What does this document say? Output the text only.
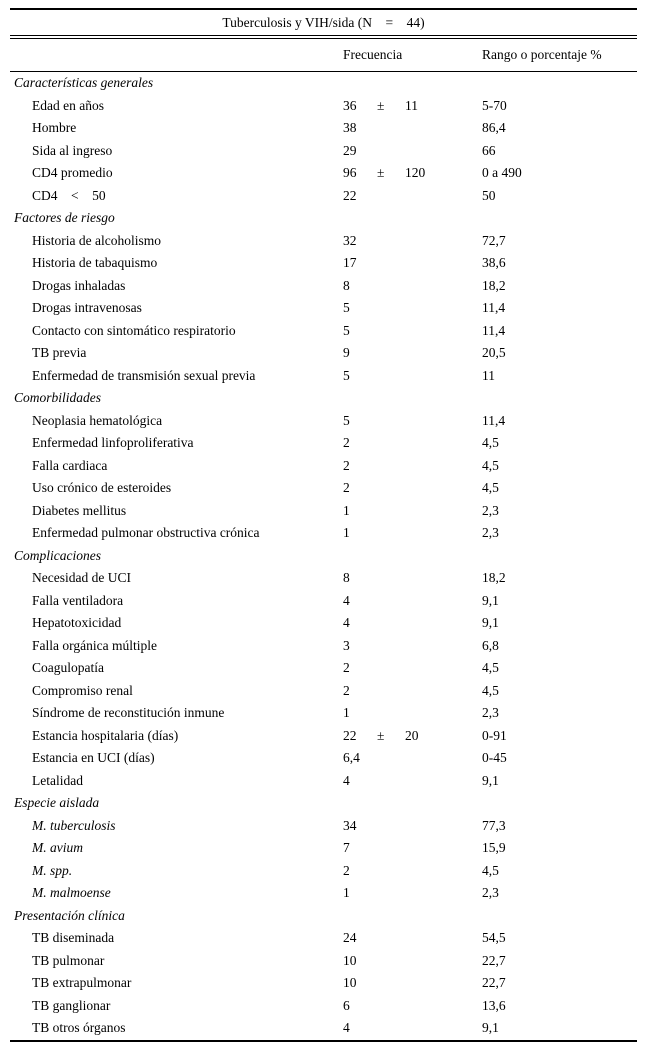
Tuberculosis y VIH/sida (N    =    44)
Frecuencia	Rango o porcentaje %
Características generales
Edad en años	36	±	11	5-70
Hombre	38	86,4
Sida al ingreso	29	66
CD4 promedio	96	±	120	0 a 490
CD4    <    50	22	50
Factores de riesgo
Historia de alcoholismo	32	72,7
Historia de tabaquismo	17	38,6
Drogas inhaladas	8	18,2
Drogas intravenosas	5	11,4
Contacto con sintomático respiratorio	5	11,4
TB previa	9	20,5
Enfermedad de transmisión sexual previa	5	11
Comorbilidades
Neoplasia hematológica	5	11,4
Enfermedad linfoproliferativa	2	4,5
Falla cardiaca	2	4,5
Uso crónico de esteroides	2	4,5
Diabetes mellitus	1	2,3
Enfermedad pulmonar obstructiva crónica	1	2,3
Complicaciones
Necesidad de UCI	8	18,2
Falla ventiladora	4	9,1
Hepatotoxicidad	4	9,1
Falla orgánica múltiple	3	6,8
Coagulopatía	2	4,5
Compromiso renal	2	4,5
Síndrome de reconstitución inmune	1	2,3
Estancia hospitalaria (días)	22	±	20	0-91
Estancia en UCI (días)	6,4	0-45
Letalidad	4	9,1
Especie aislada
M. tuberculosis	34	77,3
M. avium	7	15,9
M. spp.	2	4,5
M. malmoense	1	2,3
Presentación clínica
TB diseminada	24	54,5
TB pulmonar	10	22,7
TB extrapulmonar	10	22,7
TB ganglionar	6	13,6
TB otros órganos	4	9,1
